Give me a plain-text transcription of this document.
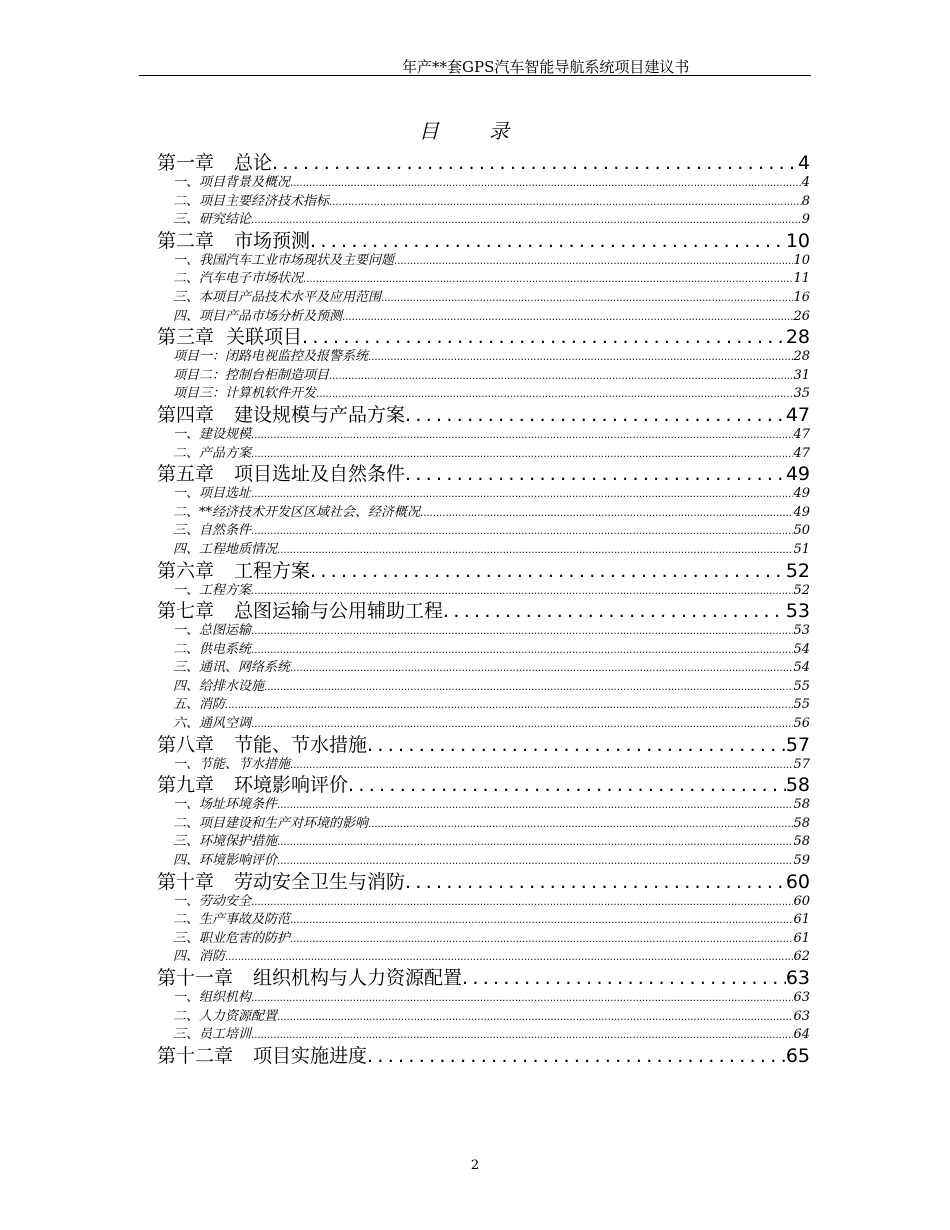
年产**套GPS汽车智能导航系统项目建议书
目 录
第一章 总论 .....	4
一、项目背景及概况 .....	4
二、项目主要经济技术指标 .....	8
三、研究结论 .....	9
第二章 市场预测 .....	10
一、我国汽车工业市场现状及主要问题 .....	10
二、汽车电子市场状况 .....	11
三、本项目产品技术水平及应用范围 .....	16
四、项目产品市场分析及预测 .....	26
第三章 关联项目 .....	28
项目一：闭路电视监控及报警系统 .....	28
项目二：控制台柜制造项目 .....	31
项目三：计算机软件开发 .....	35
第四章 建设规模与产品方案 .....	47
一、建设规模 .....	47
二、产品方案 .....	47
第五章 项目选址及自然条件 .....	49
一、项目选址 .....	49
二、**经济技术开发区区域社会、经济概况 .....	49
三、自然条件 .....	50
四、工程地质情况 .....	51
第六章 工程方案 .....	52
一、工程方案 .....	52
第七章 总图运输与公用辅助工程 .....	53
一、总图运输 .....	53
二、供电系统 .....	54
三、通讯、网络系统 .....	54
四、给排水设施 .....	55
五、消防 .....	55
六、通风空调 .....	56
第八章 节能、节水措施 .....	57
一、节能、节水措施 .....	57
第九章 环境影响评价 .....	58
一、场址环境条件 .....	58
二、项目建设和生产对环境的影响 .....	58
三、环境保护措施 .....	58
四、环境影响评价 .....	59
第十章 劳动安全卫生与消防 .....	60
一、劳动安全 .....	60
二、生产事故及防范 .....	61
三、职业危害的防护 .....	61
四、消防 .....	62
第十一章 组织机构与人力资源配置 .....	63
一、组织机构 .....	63
二、人力资源配置 .....	63
三、员工培训 .....	64
第十二章 项目实施进度 .....	65
2
